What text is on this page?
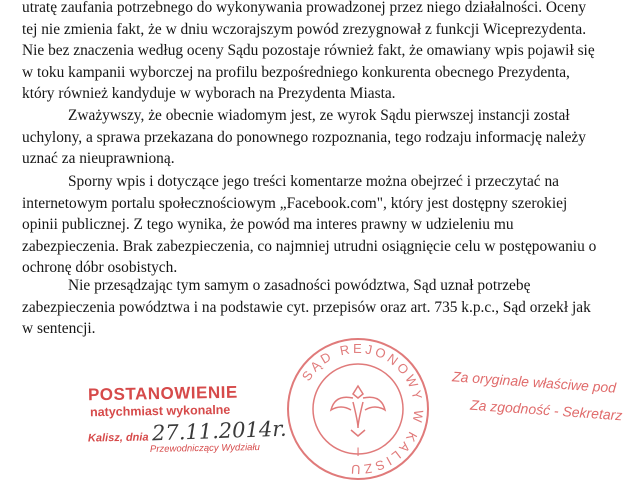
utratę zaufania potrzebnego do wykonywania prowadzonej przez niego działalności. Oceny
tej nie zmienia fakt, że w dniu wczorajszym powód zrezygnował z funkcji Wiceprezydenta.
Nie bez znaczenia według oceny Sądu pozostaje również fakt, że omawiany wpis pojawił się
w toku kampanii wyborczej na profilu bezpośredniego konkurenta obecnego Prezydenta,
który również kandyduje w wyborach na Prezydenta Miasta.
Zważywszy, że obecnie wiadomym jest, ze wyrok Sądu pierwszej instancji został
uchylony, a sprawa przekazana do ponownego rozpoznania, tego rodzaju informację należy
uznać za nieuprawnioną.
Sporny wpis i dotyczące jego treści komentarze można obejrzeć i przeczytać na
internetowym portalu społecznościowym „Facebook.com", który jest dostępny szerokiej
opinii publicznej. Z tego wynika, że powód ma interes prawny w udzieleniu mu
zabezpieczenia. Brak zabezpieczenia, co najmniej utrudni osiągnięcie celu w postępowaniu o
ochronę dóbr osobistych.
Nie przesądzając tym samym o zasadności powództwa, Sąd uznał potrzebę
zabezpieczenia powództwa i na podstawie cyt. przepisów oraz art. 735 k.p.c., Sąd orzekł jak
w sentencji.
POSTANOWIENIE
natychmiast wykonalne
Kalisz, dnia 27.11.2014r.
Przewodniczący Wydziału
SĄD REJONOWY W KALISZU
I
Za oryginale właściwe pod
Za zgodność - Sekretarz
